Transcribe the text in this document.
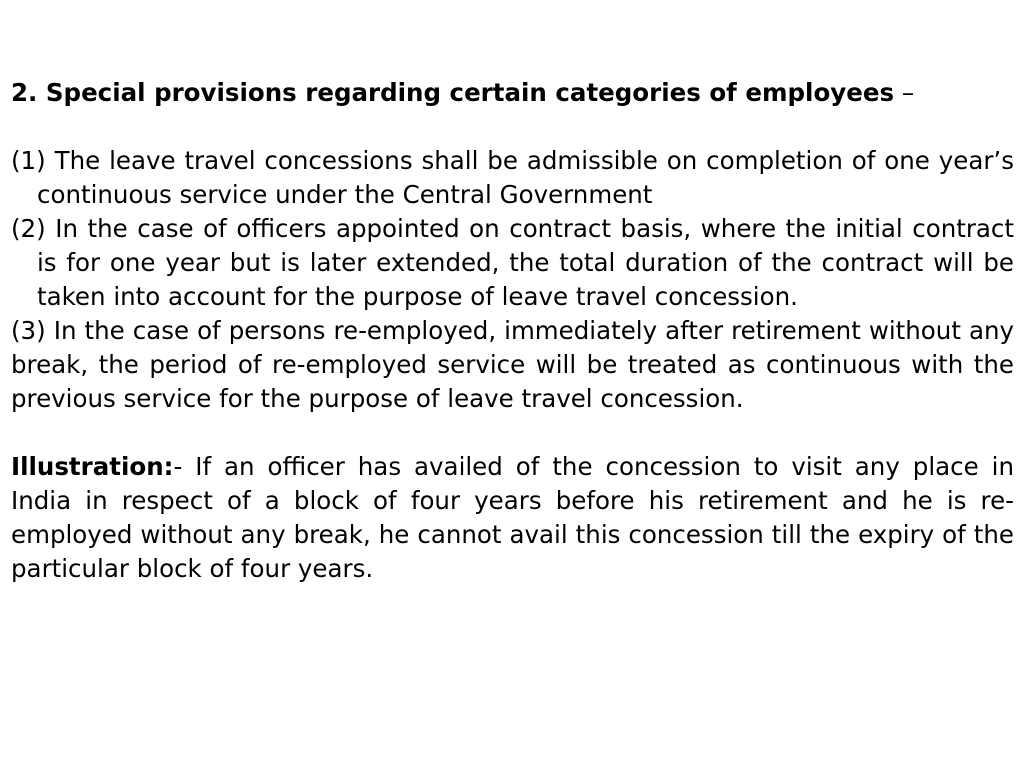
2. Special provisions regarding certain categories of employees –

(1) The leave travel concessions shall be admissible on completion of one year’s continuous service under the Central Government

(2) In the case of officers appointed on contract basis, where the initial contract is for one year but is later extended, the total duration of the contract will be taken into account for the purpose of leave travel concession.

(3) In the case of persons re-employed, immediately after retirement without any break, the period of re-employed service will be treated as continuous with the previous service for the purpose of leave travel concession.

Illustration:- If an officer has availed of the concession to visit any place in India in respect of a block of four years before his retirement and he is re-employed without any break, he cannot avail this concession till the expiry of the particular block of four years.
